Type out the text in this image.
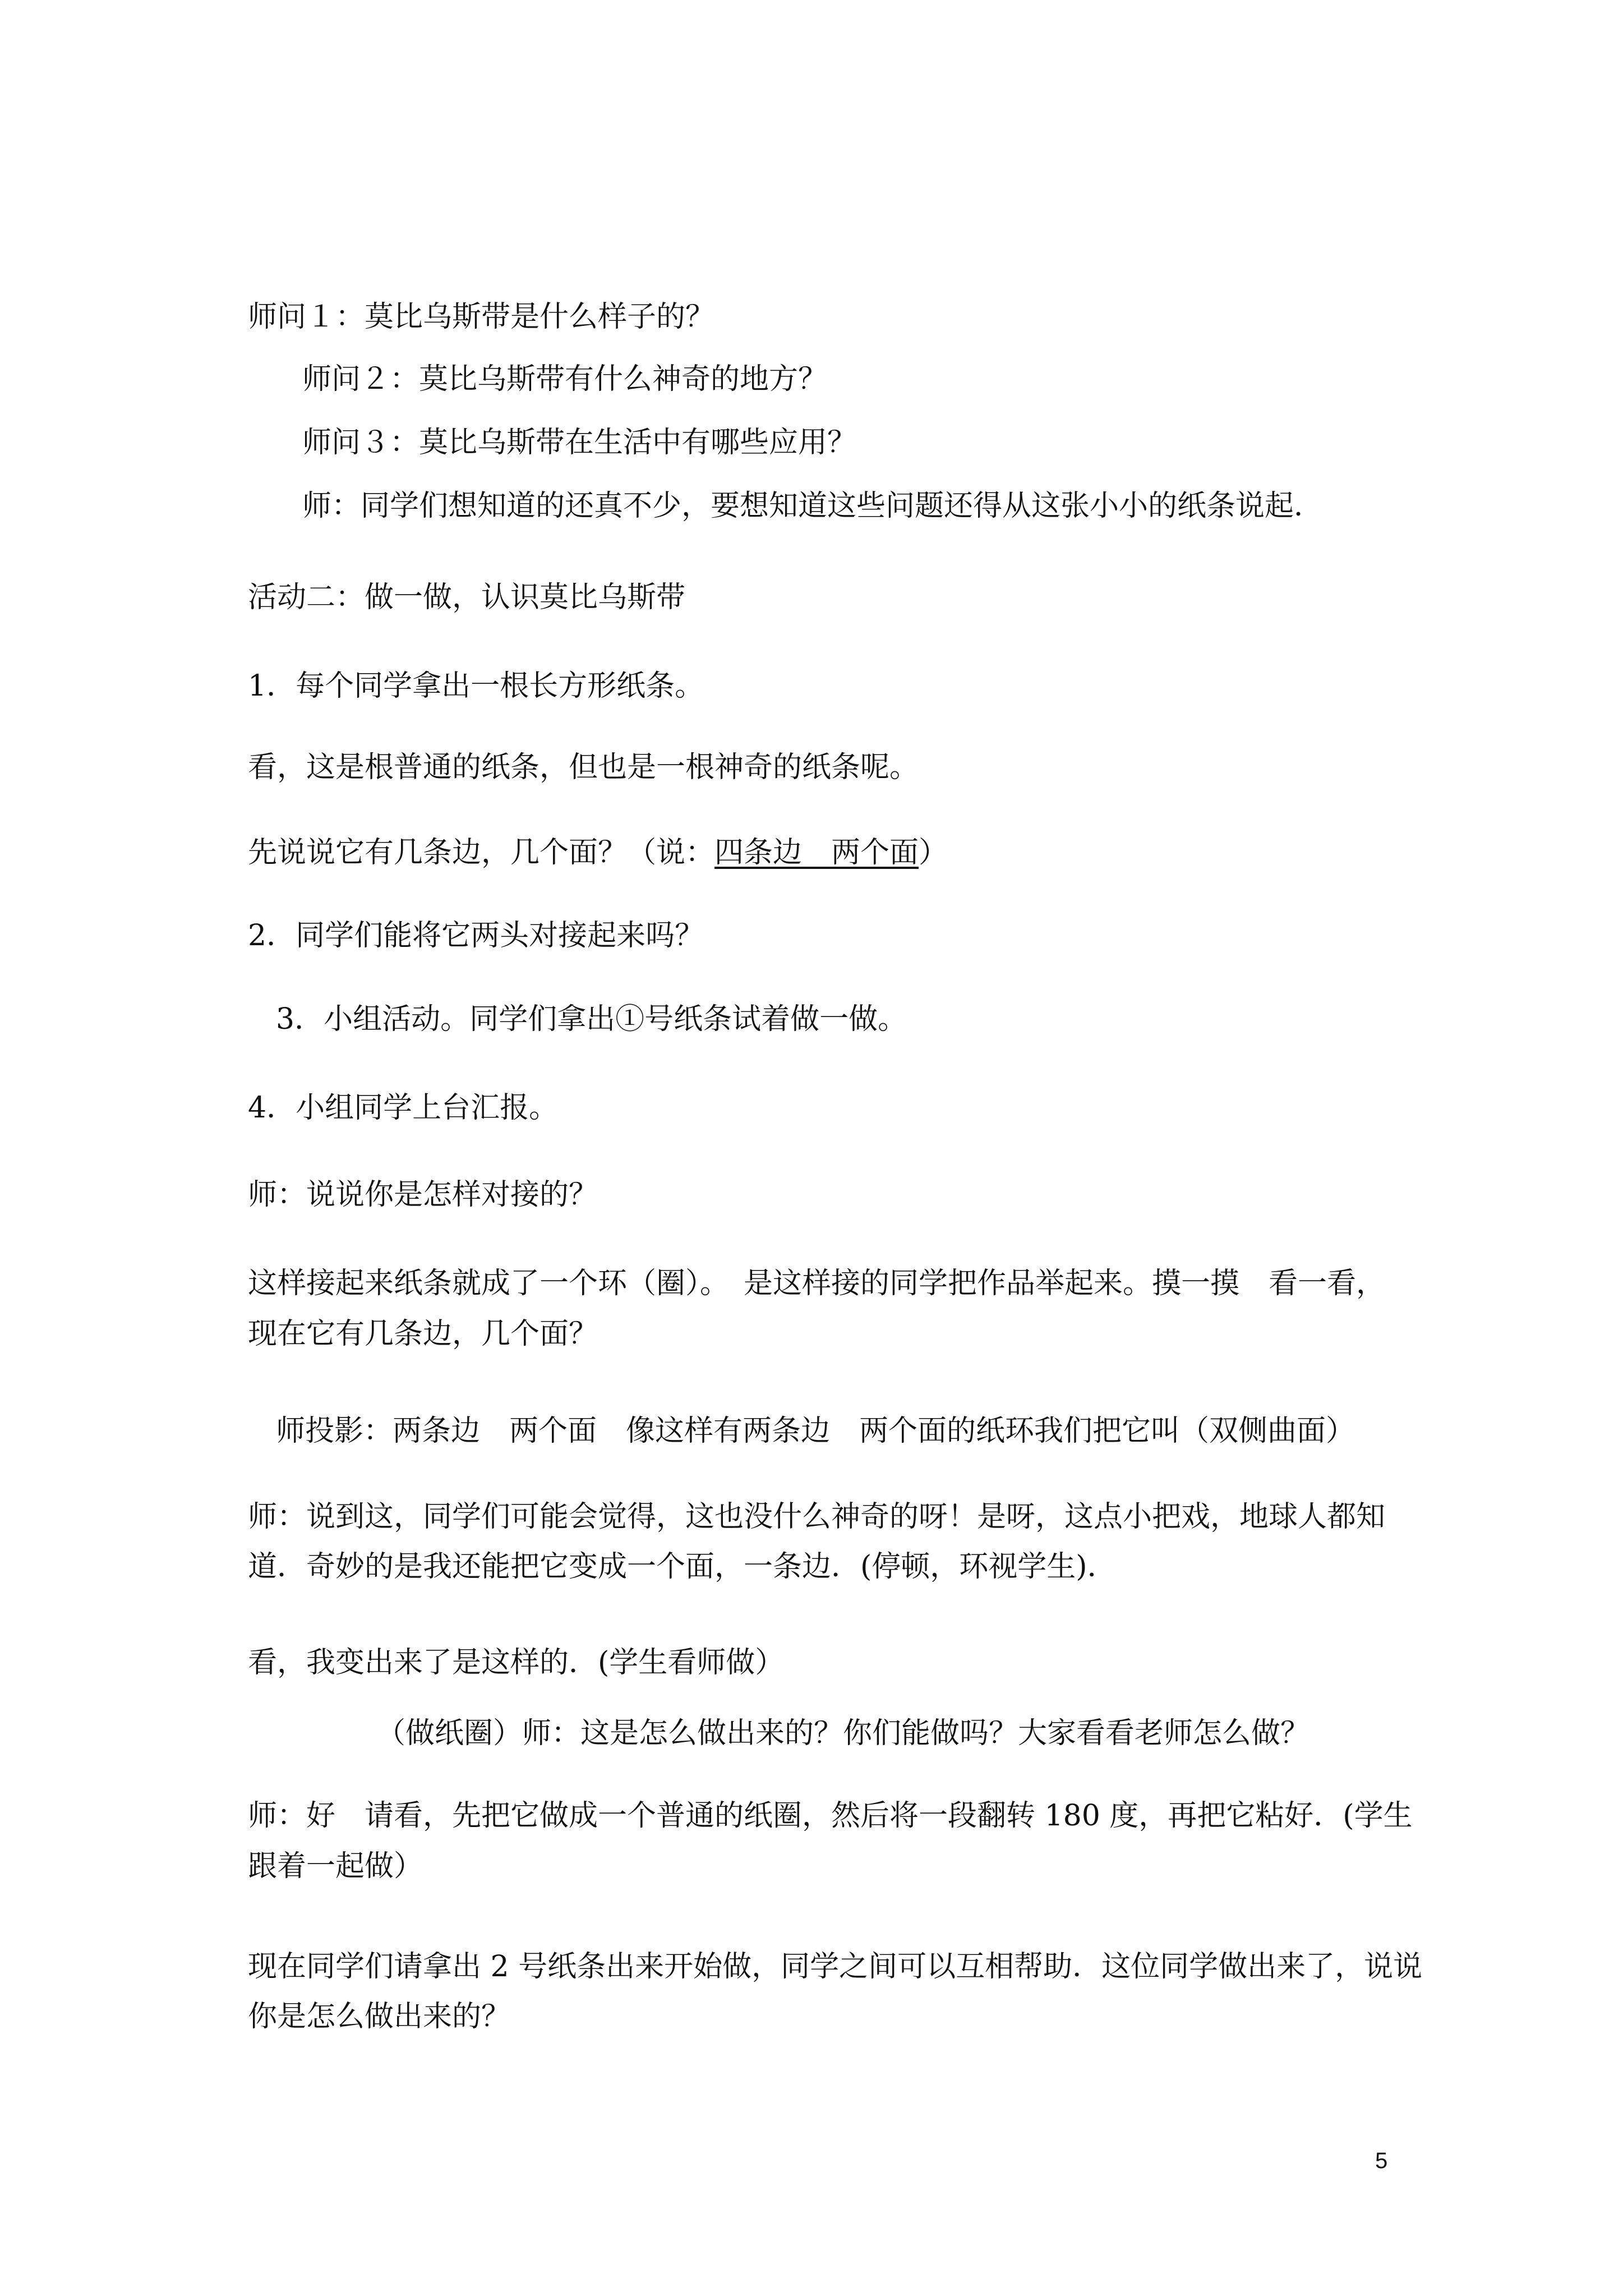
师问１：莫比乌斯带是什么样子的？
师问２：莫比乌斯带有什么神奇的地方？
师问３：莫比乌斯带在生活中有哪些应用？
师：同学们想知道的还真不少，要想知道这些问题还得从这张小小的纸条说起．
活动二：做一做，认识莫比乌斯带
1．每个同学拿出一根长方形纸条。
看，这是根普通的纸条，但也是一根神奇的纸条呢。
先说说它有几条边，几个面？（说：四条边　两个面）
2．同学们能将它两头对接起来吗？
3．小组活动。同学们拿出①号纸条试着做一做。
4．小组同学上台汇报。
师：说说你是怎样对接的？
这样接起来纸条就成了一个环（圈）。　是这样接的同学把作品举起来。摸一摸　看一看，
现在它有几条边，几个面？
师投影：两条边　两个面　像这样有两条边　两个面的纸环我们把它叫（双侧曲面）
师：说到这，同学们可能会觉得，这也没什么神奇的呀！是呀，这点小把戏，地球人都知
道．奇妙的是我还能把它变成一个面，一条边．(停顿，环视学生)．
看，我变出来了是这样的．(学生看师做）
（做纸圈）师：这是怎么做出来的？你们能做吗？大家看看老师怎么做？
师：好　请看，先把它做成一个普通的纸圈，然后将一段翻转 180 度，再把它粘好．(学生
跟着一起做）
现在同学们请拿出 2 号纸条出来开始做，同学之间可以互相帮助．这位同学做出来了，说说
你是怎么做出来的？
5
